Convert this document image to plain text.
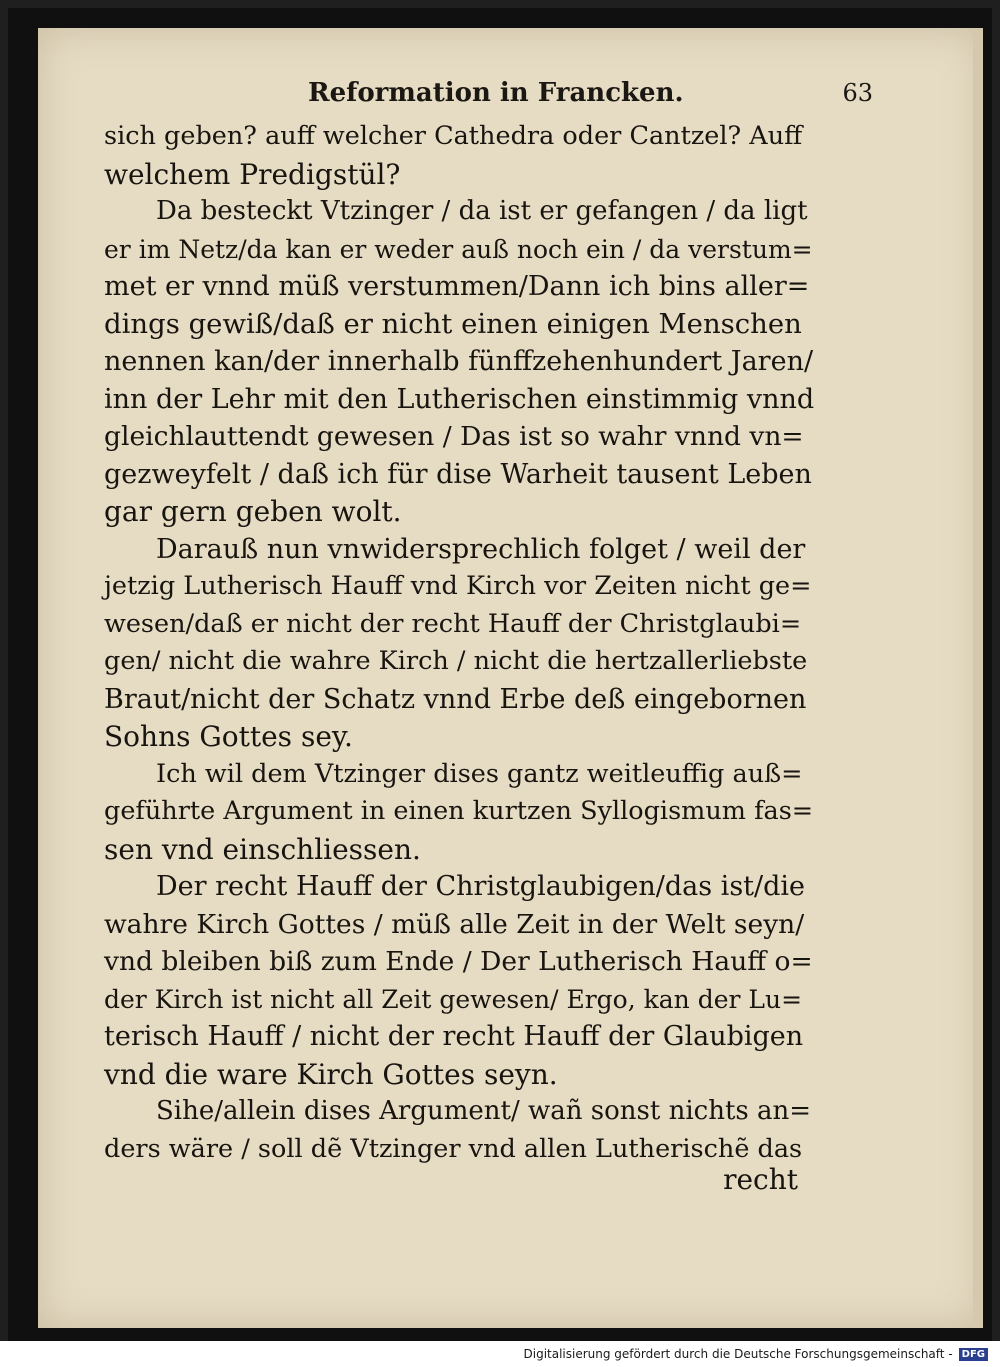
Reformation in Francken.	63
sich geben? auff welcher Cathedra oder Cantzel? Auff
welchem Predigstül?
Da besteckt Vtzinger / da ist er gefangen / da ligt
er im Netz/da kan er weder auß noch ein / da verstum=
met er vnnd müß verstummen/Dann ich bins aller=
dings gewiß/daß er nicht einen einigen Menschen
nennen kan/der innerhalb fünffzehenhundert Jaren/
inn der Lehr mit den Lutherischen einstimmig vnnd
gleichlauttendt gewesen / Das ist so wahr vnnd vn=
gezweyfelt / daß ich für dise Warheit tausent Leben
gar gern geben wolt.
Darauß nun vnwidersprechlich folget / weil der
jetzig Lutherisch Hauff vnd Kirch vor Zeiten nicht ge=
wesen/daß er nicht der recht Hauff der Christglaubi=
gen/ nicht die wahre Kirch / nicht die hertzallerliebste
Braut/nicht der Schatz vnnd Erbe deß eingebornen
Sohns Gottes sey.
Ich wil dem Vtzinger dises gantz weitleuffig auß=
geführte Argument in einen kurtzen Syllogismum fas=
sen vnd einschliessen.
Der recht Hauff der Christglaubigen/das ist/die
wahre Kirch Gottes / müß alle Zeit in der Welt seyn/
vnd bleiben biß zum Ende / Der Lutherisch Hauff o=
der Kirch ist nicht all Zeit gewesen/ Ergo, kan der Lu=
terisch Hauff / nicht der recht Hauff der Glaubigen
vnd die ware Kirch Gottes seyn.
Sihe/allein dises Argument/ wañ sonst nichts an=
ders wäre / soll dẽ Vtzinger vnd allen Lutherischẽ das
recht
Digitalisierung gefördert durch die Deutsche Forschungsgemeinschaft - DFG
